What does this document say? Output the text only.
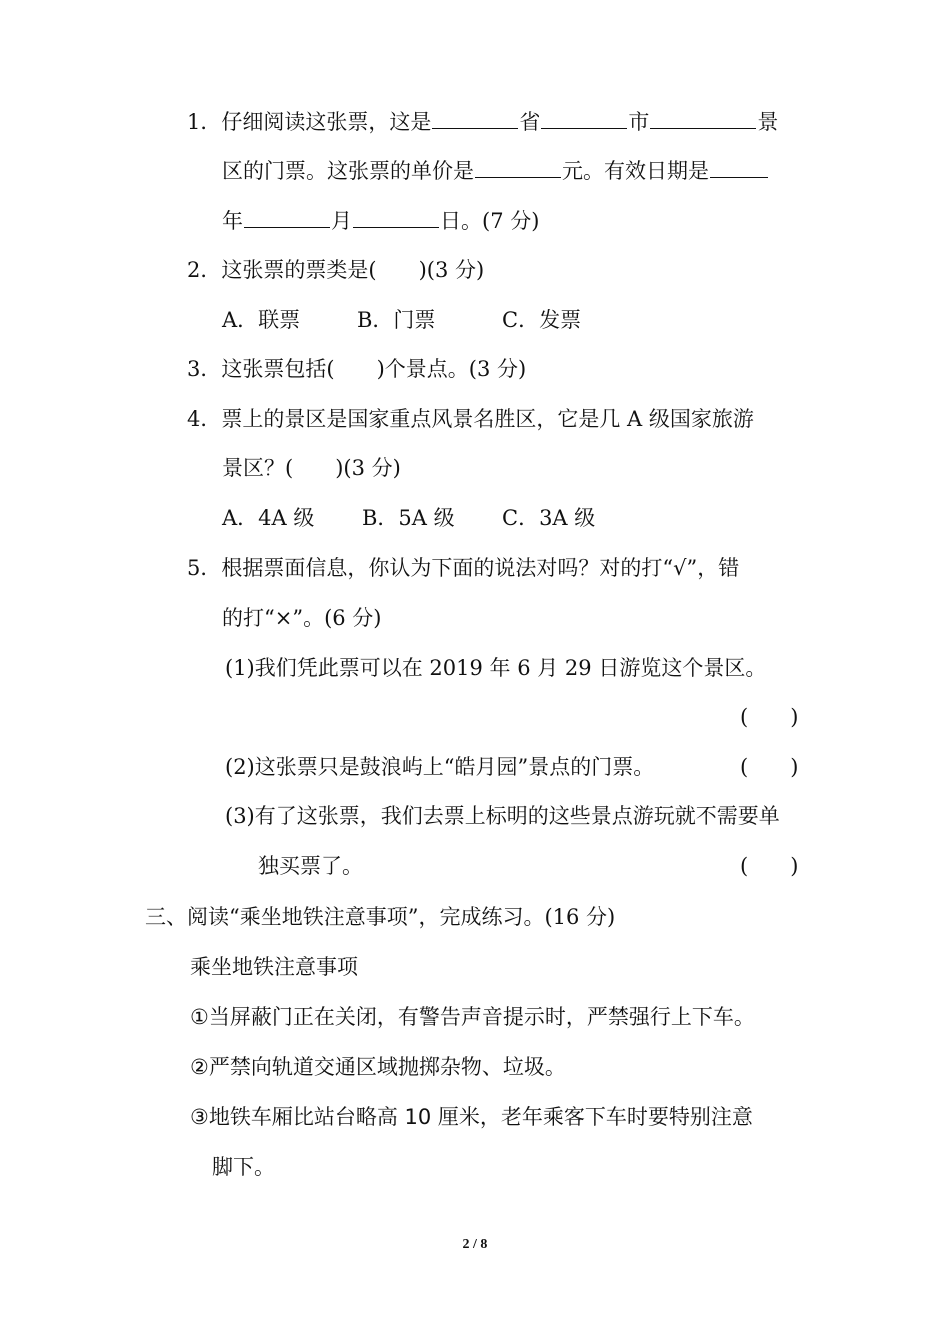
1．仔细阅读这张票，这是	省	市	景
区的门票。这张票的单价是	元。有效日期是
年	月	日。(7 分)
2．这张票的票类是(　　)(3 分)
A．联票	B．门票	C．发票
3．这张票包括(　　)个景点。(3 分)
4．票上的景区是国家重点风景名胜区，它是几 A 级国家旅游
景区？(　　)(3 分)
A．4A 级 B．5A 级 C．3A 级
5．根据票面信息，你认为下面的说法对吗？对的打“√”，错
的打“×”。(6 分)
(1)我们凭此票可以在 2019 年 6 月 29 日游览这个景区。
(　　)
(2)这张票只是鼓浪屿上“皓月园”景点的门票。	(　　)
(3)有了这张票，我们去票上标明的这些景点游玩就不需要单
独买票了。	(　　)
三、阅读“乘坐地铁注意事项”，完成练习。(16 分)
乘坐地铁注意事项
①当屏蔽门正在关闭，有警告声音提示时，严禁强行上下车。
②严禁向轨道交通区域抛掷杂物、垃圾。
③地铁车厢比站台略高 10 厘米，老年乘客下车时要特别注意
脚下。
2 / 8
